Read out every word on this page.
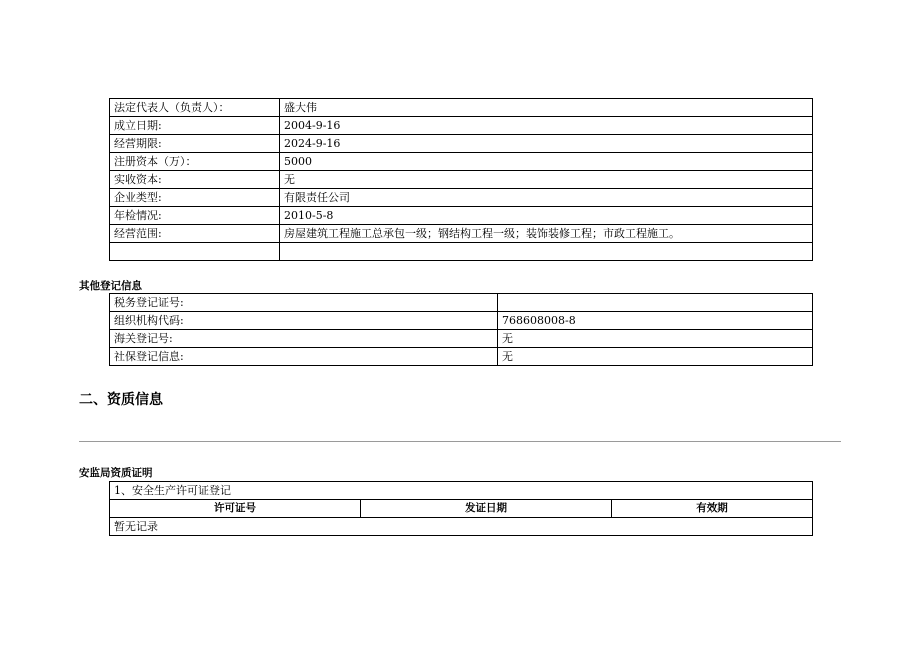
法定代表人（负责人）：	盛大伟
成立日期:	2004-9-16
经营期限:	2024-9-16
注册资本（万）：	5000
实收资本:	无
企业类型:	有限责任公司
年检情况:	2010-5-8
经营范围:	房屋建筑工程施工总承包一级；钢结构工程一级；装饰装修工程；市政工程施工。

其他登记信息
税务登记证号:	
组织机构代码:	768608008-8
海关登记号:	无
社保登记信息:	无
二、资质信息
安监局资质证明
1、安全生产许可证登记
许可证号	发证日期	有效期
暂无记录
